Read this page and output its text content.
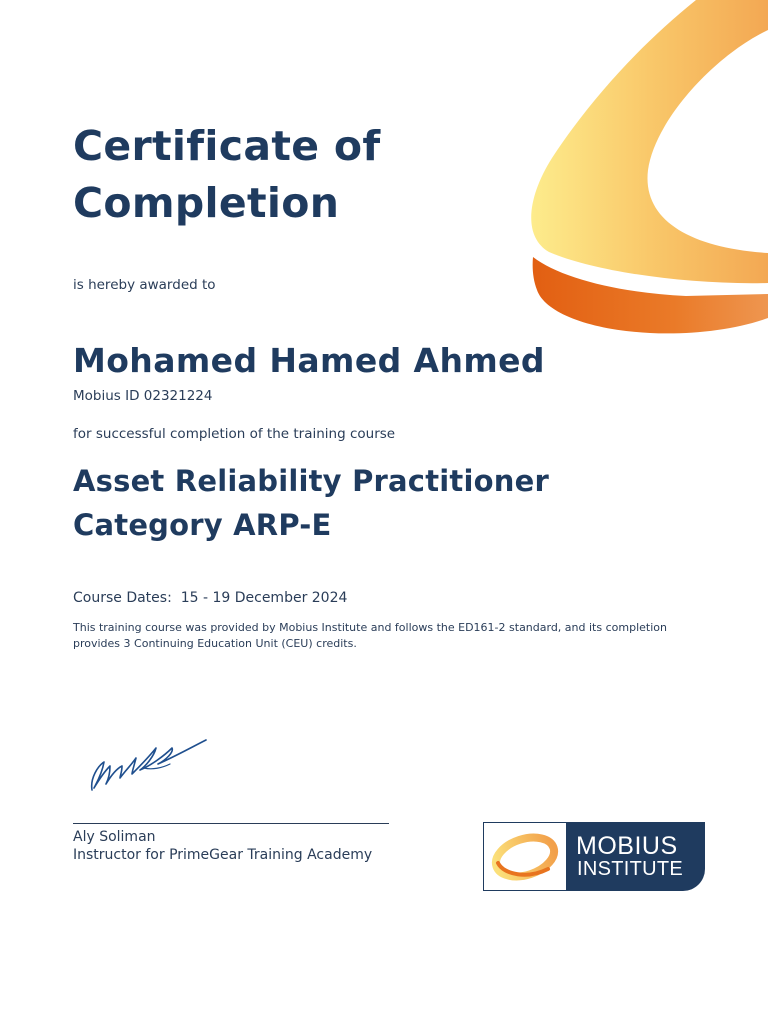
Certificate of
Completion

is hereby awarded to

Mohamed Hamed Ahmed

Mobius ID 02321224

for successful completion of the training course

Asset Reliability Practitioner
Category ARP-E
Course Dates:  15 - 19 December 2024

This training course was provided by Mobius Institute and follows the ED161-2 standard, and its completion provides 3 Continuing Education Unit (CEU) credits.

Aly Soliman

Instructor for PrimeGear Training Academy	MOBIUS
INSTITUTE
